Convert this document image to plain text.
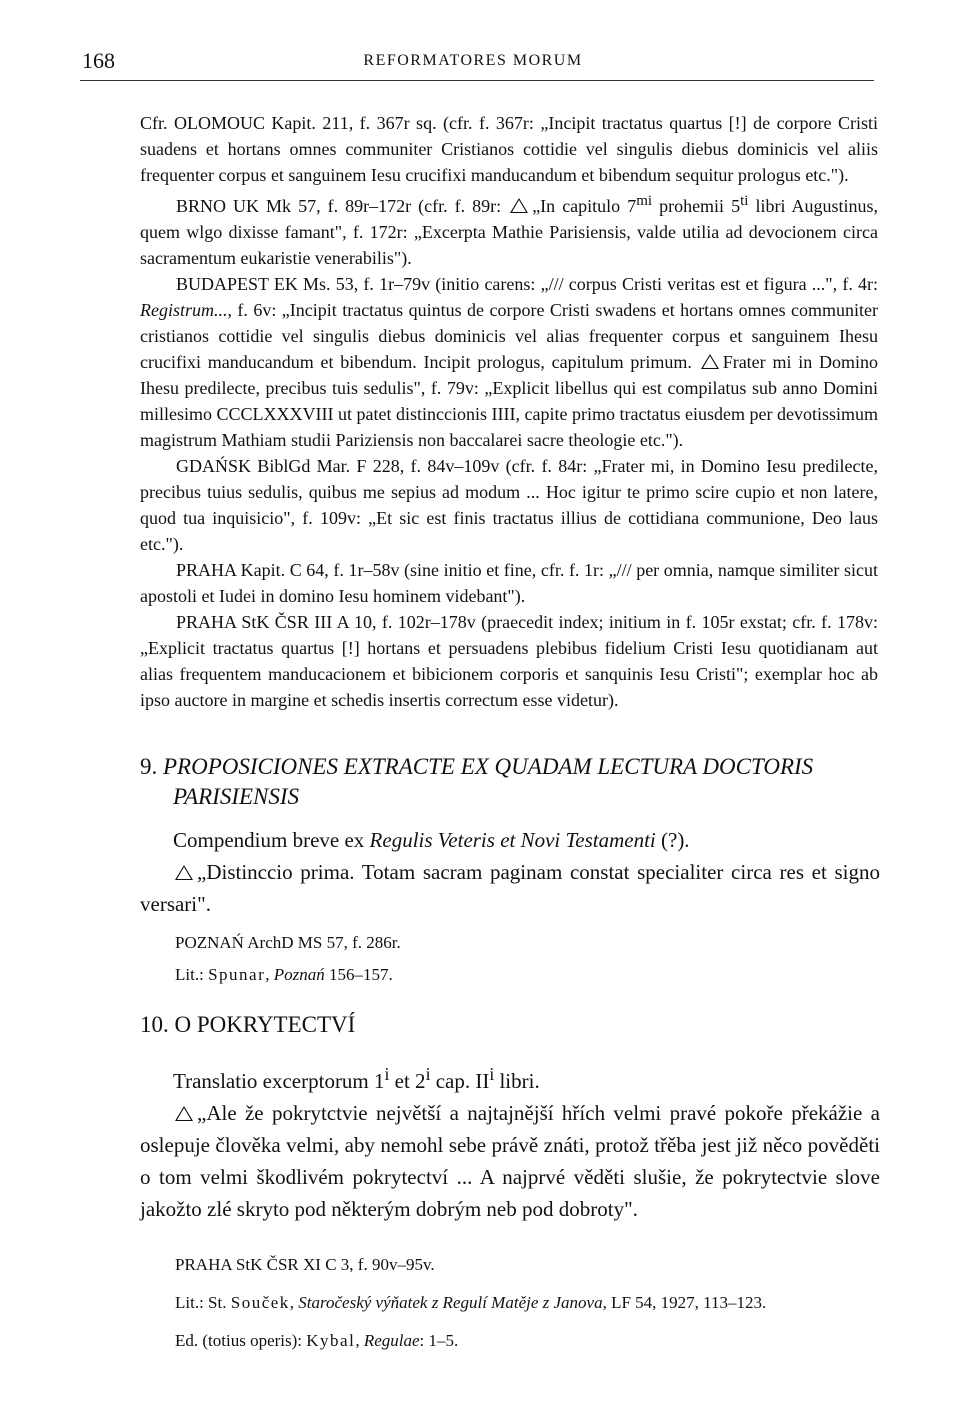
168	REFORMATORES MORUM

Cfr. OLOMOUC Kapit. 211, f. 367r sq. (cfr. f. 367r: „Incipit tractatus quartus [!] de corpore Cristi suadens et hortans omnes communiter Cristianos cottidie vel singulis diebus dominicis vel aliis frequenter corpus et sanguinem Iesu crucifixi manducandum et bibendum sequitur prologus etc.").

BRNO UK Mk 57, f. 89r–172r (cfr. f. 89r: „In capitulo $7^{mi}$ prohemii $5^{ti}$ libri Augustinus, quem wlgo dixisse famant", f. 172r: „Excerpta Mathie Parisiensis, valde utilia ad devocionem circa sacramentum eukaristie venerabilis").

BUDAPEST EK Ms. 53, f. 1r–79v (initio carens: „/// corpus Cristi veritas est et figura ...", f. 4r: Registrum..., f. 6v: „Incipit tractatus quintus de corpore Cristi swadens et hortans omnes communiter cristianos cottidie vel singulis diebus dominicis vel alias frequenter corpus et sanguinem Ihesu crucifixi manducandum et bibendum. Incipit prologus, capitulum primum. Frater mi in Domino Ihesu predilecte, precibus tuis sedulis", f. 79v: „Explicit libellus qui est compilatus sub anno Domini millesimo CCCLXXXVIII ut patet distinccionis IIII, capite primo tractatus eiusdem per devotissimum magistrum Mathiam studii Pariziensis non baccalarei sacre theologie etc.").

GDAŃSK BiblGd Mar. F 228, f. 84v–109v (cfr. f. 84r: „Frater mi, in Domino Iesu predilecte, precibus tuius sedulis, quibus me sepius ad modum ... Hoc igitur te primo scire cupio et non latere, quod tua inquisicio", f. 109v: „Et sic est finis tractatus illius de cottidiana communione, Deo laus etc.").

PRAHA Kapit. C 64, f. 1r–58v (sine initio et fine, cfr. f. 1r: „/// per omnia, namque similiter sicut apostoli et Iudei in domino Iesu hominem videbant").

PRAHA StK ČSR III A 10, f. 102r–178v (praecedit index; initium in f. 105r exstat; cfr. f. 178v: „Explicit tractatus quartus [!] hortans et persuadens plebibus fidelium Cristi Iesu quotidianam aut alias frequentem manducacionem et bibicionem corporis et sanquinis Iesu Cristi"; exemplar hoc ab ipso auctore in margine et schedis insertis correctum esse videtur).

9. PROPOSICIONES EXTRACTE EX QUADAM LECTURA DOCTORIS
PARISIENSIS

Compendium breve ex Regulis Veteris et Novi Testamenti (?).

„Distinccio prima. Totam sacram paginam constat specialiter circa res et signo versari".

POZNAŃ ArchD MS 57, f. 286r.

Lit.: Spunar, Poznań 156–157.

10. O POKRYTECTVÍ

Translatio excerptorum 1$^i$ et 2$^i$ cap. $II^i$ libri.

„Ale že pokrytctvie největší a najtajnější hřích velmi pravé pokoře překážie a oslepuje člověka velmi, aby nemohl sebe právě znáti, protož třěba jest již něco pověděti o tom velmi škodlivém pokrytectví ... A najprvé věděti slušie, že pokrytectvie slove jakožto zlé skryto pod některým dobrým neb pod dobroty".

PRAHA StK ČSR XI C 3, f. 90v–95v.

Lit.: St. Souček, Staročeský výňatek z Regulí Matěje z Janova, LF 54, 1927, 113–123.

Ed. (totius operis): Kybal, Regulae: 1–5.
